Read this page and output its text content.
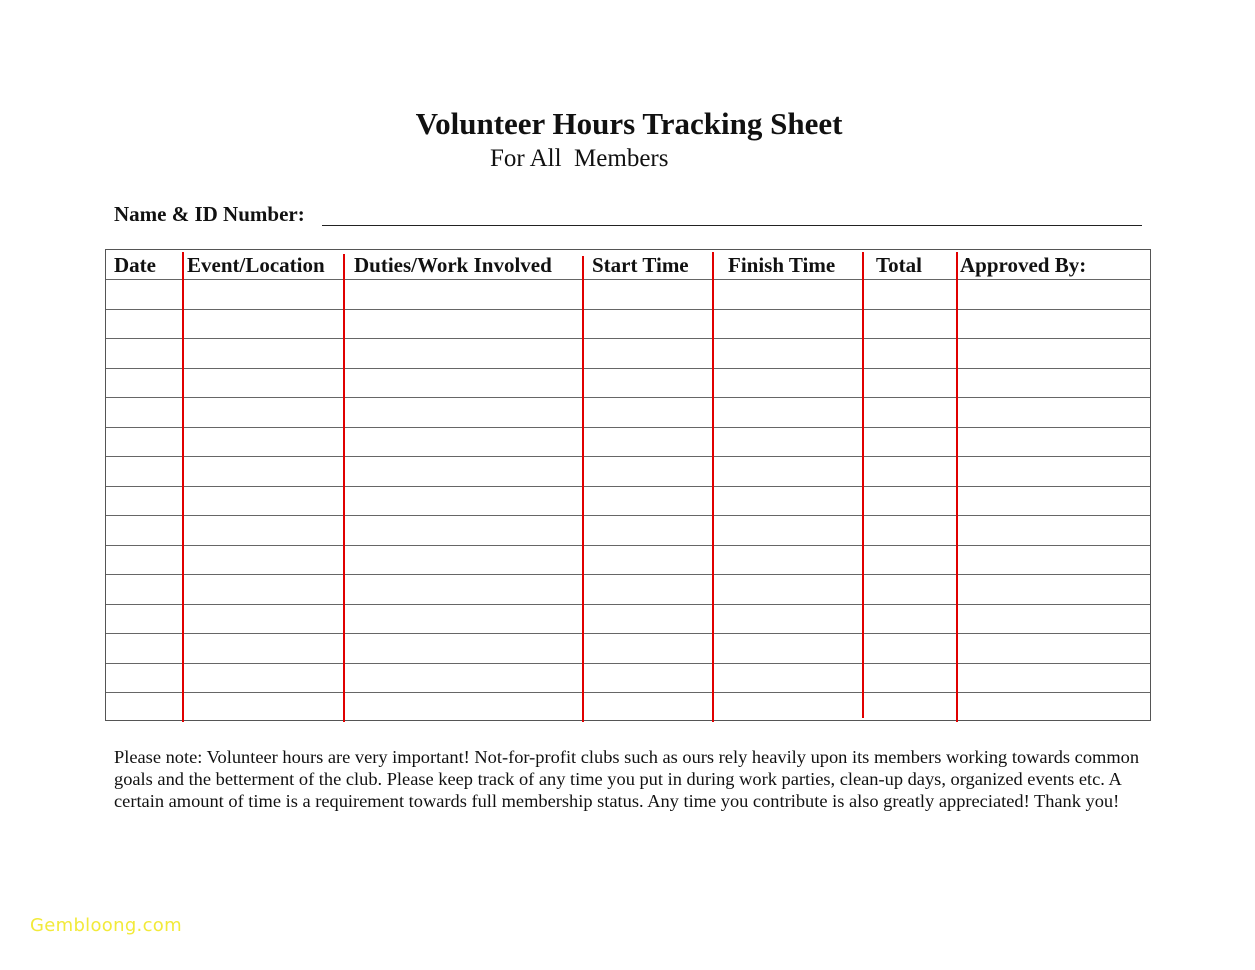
Volunteer Hours Tracking Sheet
For All  Members
Name & ID Number:
Date Event/Location Duties/Work Involved Start Time Finish Time Total Approved By:

Please note: Volunteer hours are very important! Not-for-profit clubs such as ours rely heavily upon its members working towards common goals and the betterment of the club. Please keep track of any time you put in during work parties, clean-up days, organized events etc. A certain amount of time is a requirement towards full membership status. Any time you contribute is also greatly appreciated! Thank you!

Gembloong.com
